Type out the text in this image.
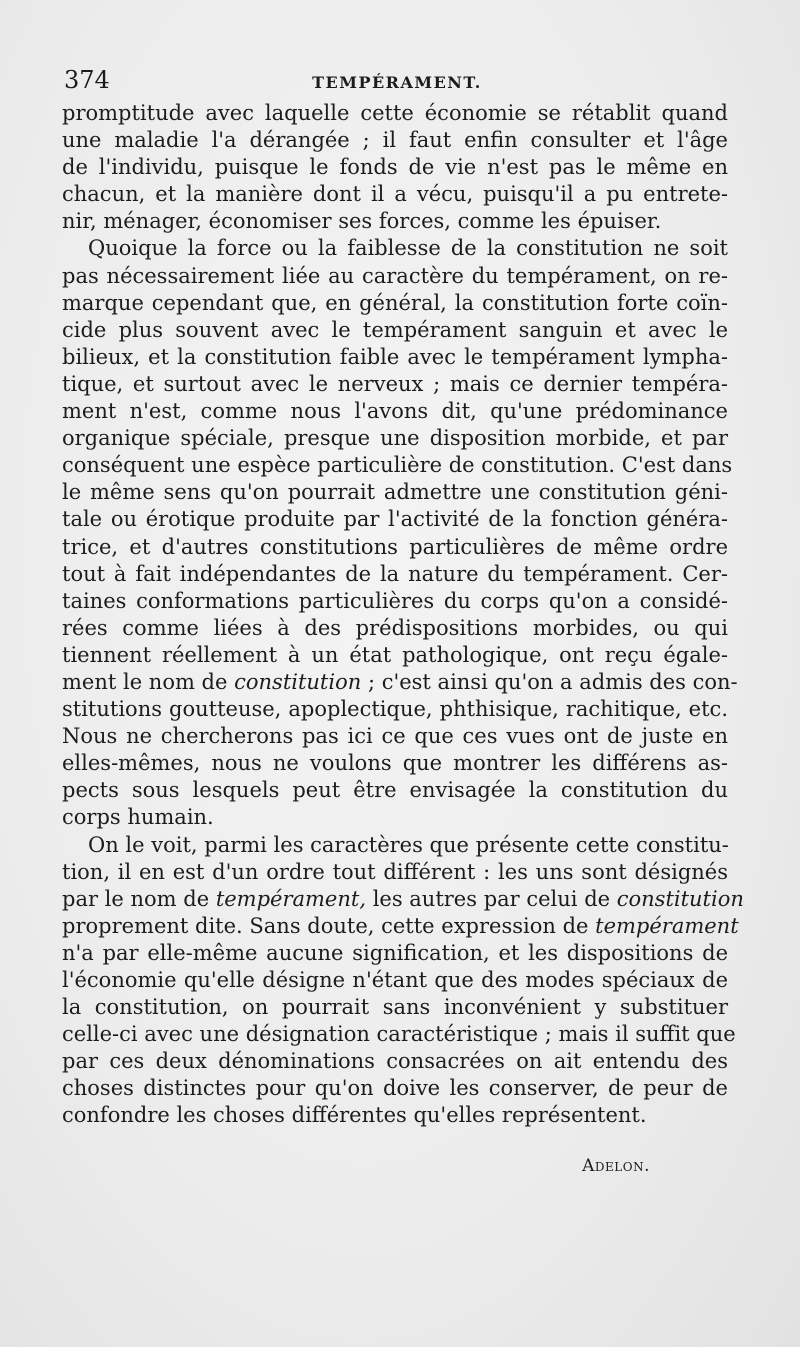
374	TEMPÉRAMENT.
promptitude avec laquelle cette économie se rétablit quand
une maladie l'a dérangée ; il faut enfin consulter et l'âge
de l'individu, puisque le fonds de vie n'est pas le même en
chacun, et la manière dont il a vécu, puisqu'il a pu entrete-
nir, ménager, économiser ses forces, comme les épuiser.
Quoique la force ou la faiblesse de la constitution ne soit
pas nécessairement liée au caractère du tempérament, on re-
marque cependant que, en général, la constitution forte coïn-
cide plus souvent avec le tempérament sanguin et avec le
bilieux, et la constitution faible avec le tempérament lympha-
tique, et surtout avec le nerveux ; mais ce dernier tempéra-
ment n'est, comme nous l'avons dit, qu'une prédominance
organique spéciale, presque une disposition morbide, et par
conséquent une espèce particulière de constitution. C'est dans
le même sens qu'on pourrait admettre une constitution géni-
tale ou érotique produite par l'activité de la fonction généra-
trice, et d'autres constitutions particulières de même ordre
tout à fait indépendantes de la nature du tempérament. Cer-
taines conformations particulières du corps qu'on a considé-
rées comme liées à des prédispositions morbides, ou qui
tiennent réellement à un état pathologique, ont reçu égale-
ment le nom de constitution ; c'est ainsi qu'on a admis des con-
stitutions goutteuse, apoplectique, phthisique, rachitique, etc.
Nous ne chercherons pas ici ce que ces vues ont de juste en
elles-mêmes, nous ne voulons que montrer les différens as-
pects sous lesquels peut être envisagée la constitution du
corps humain.
On le voit, parmi les caractères que présente cette constitu-
tion, il en est d'un ordre tout différent : les uns sont désignés
par le nom de tempérament, les autres par celui de constitution
proprement dite. Sans doute, cette expression de tempérament
n'a par elle-même aucune signification, et les dispositions de
l'économie qu'elle désigne n'étant que des modes spéciaux de
la constitution, on pourrait sans inconvénient y substituer
celle-ci avec une désignation caractéristique ; mais il suffit que
par ces deux dénominations consacrées on ait entendu des
choses distinctes pour qu'on doive les conserver, de peur de
confondre les choses différentes qu'elles représentent.
Adelon.
